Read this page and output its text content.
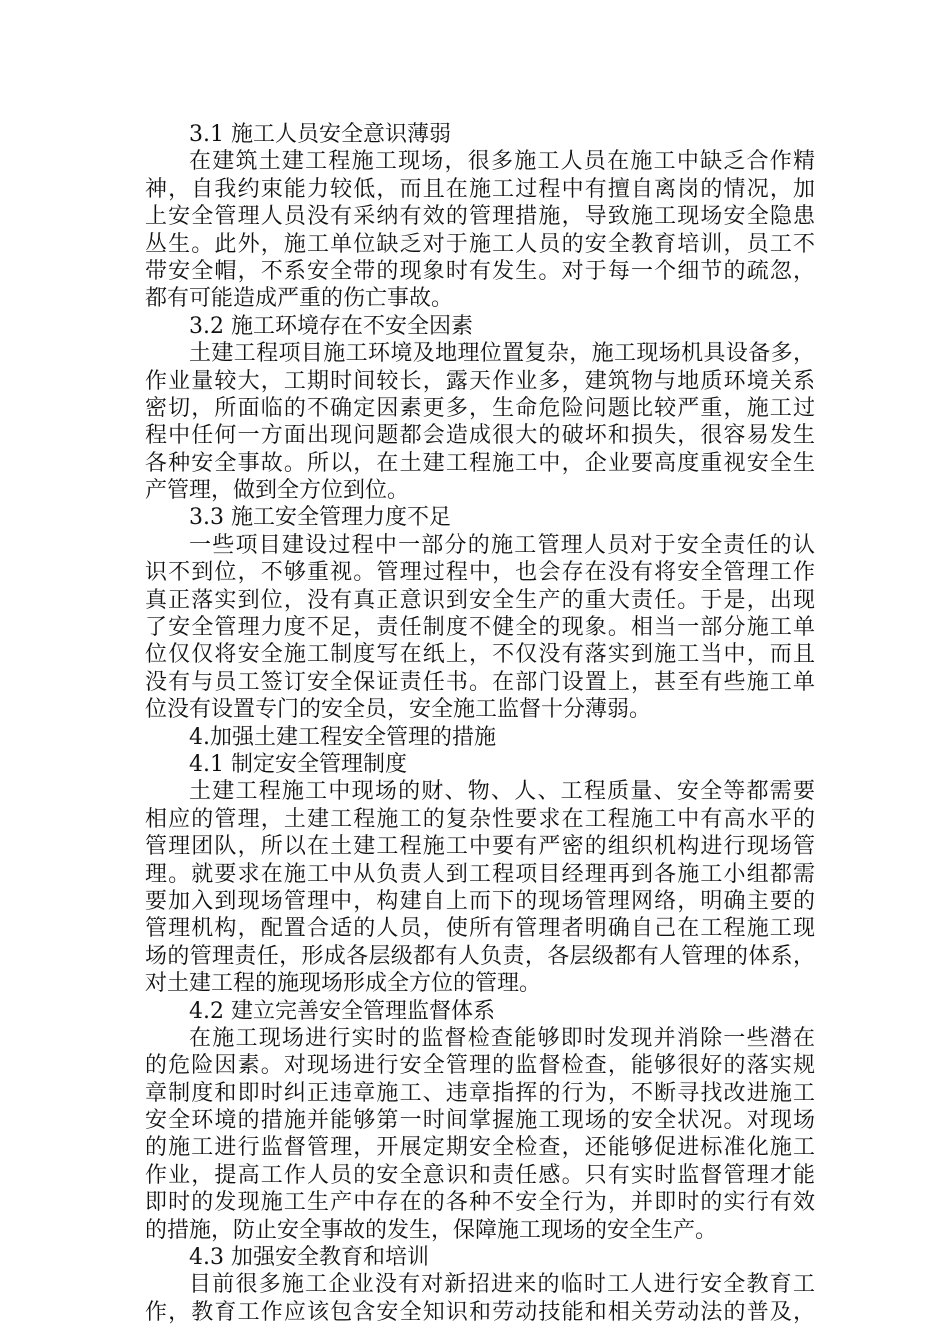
3.1 施工人员安全意识薄弱
在建筑土建工程施工现场，很多施工人员在施工中缺乏合作精
神，自我约束能力较低，而且在施工过程中有擅自离岗的情况，加
上安全管理人员没有采纳有效的管理措施，导致施工现场安全隐患
丛生。此外，施工单位缺乏对于施工人员的安全教育培训，员工不
带安全帽，不系安全带的现象时有发生。对于每一个细节的疏忽，
都有可能造成严重的伤亡事故。
3.2 施工环境存在不安全因素
土建工程项目施工环境及地理位置复杂，施工现场机具设备多，
作业量较大，工期时间较长，露天作业多，建筑物与地质环境关系
密切，所面临的不确定因素更多，生命危险问题比较严重，施工过
程中任何一方面出现问题都会造成很大的破坏和损失，很容易发生
各种安全事故。所以，在土建工程施工中，企业要高度重视安全生
产管理，做到全方位到位。
3.3 施工安全管理力度不足
一些项目建设过程中一部分的施工管理人员对于安全责任的认
识不到位，不够重视。管理过程中，也会存在没有将安全管理工作
真正落实到位，没有真正意识到安全生产的重大责任。于是，出现
了安全管理力度不足，责任制度不健全的现象。相当一部分施工单
位仅仅将安全施工制度写在纸上，不仅没有落实到施工当中，而且
没有与员工签订安全保证责任书。在部门设置上，甚至有些施工单
位没有设置专门的安全员，安全施工监督十分薄弱。
4.加强土建工程安全管理的措施
4.1 制定安全管理制度
土建工程施工中现场的财、物、人、工程质量、安全等都需要
相应的管理，土建工程施工的复杂性要求在工程施工中有高水平的
管理团队，所以在土建工程施工中要有严密的组织机构进行现场管
理。就要求在施工中从负责人到工程项目经理再到各施工小组都需
要加入到现场管理中，构建自上而下的现场管理网络，明确主要的
管理机构，配置合适的人员，使所有管理者明确自己在工程施工现
场的管理责任，形成各层级都有人负责，各层级都有人管理的体系，
对土建工程的施现场形成全方位的管理。
4.2 建立完善安全管理监督体系
在施工现场进行实时的监督检查能够即时发现并消除一些潜在
的危险因素。对现场进行安全管理的监督检查，能够很好的落实规
章制度和即时纠正违章施工、违章指挥的行为，不断寻找改进施工
安全环境的措施并能够第一时间掌握施工现场的安全状况。对现场
的施工进行监督管理，开展定期安全检查，还能够促进标准化施工
作业，提高工作人员的安全意识和责任感。只有实时监督管理才能
即时的发现施工生产中存在的各种不安全行为，并即时的实行有效
的措施，防止安全事故的发生，保障施工现场的安全生产。
4.3 加强安全教育和培训
目前很多施工企业没有对新招进来的临时工人进行安全教育工
作，教育工作应该包含安全知识和劳动技能和相关劳动法的普及，
